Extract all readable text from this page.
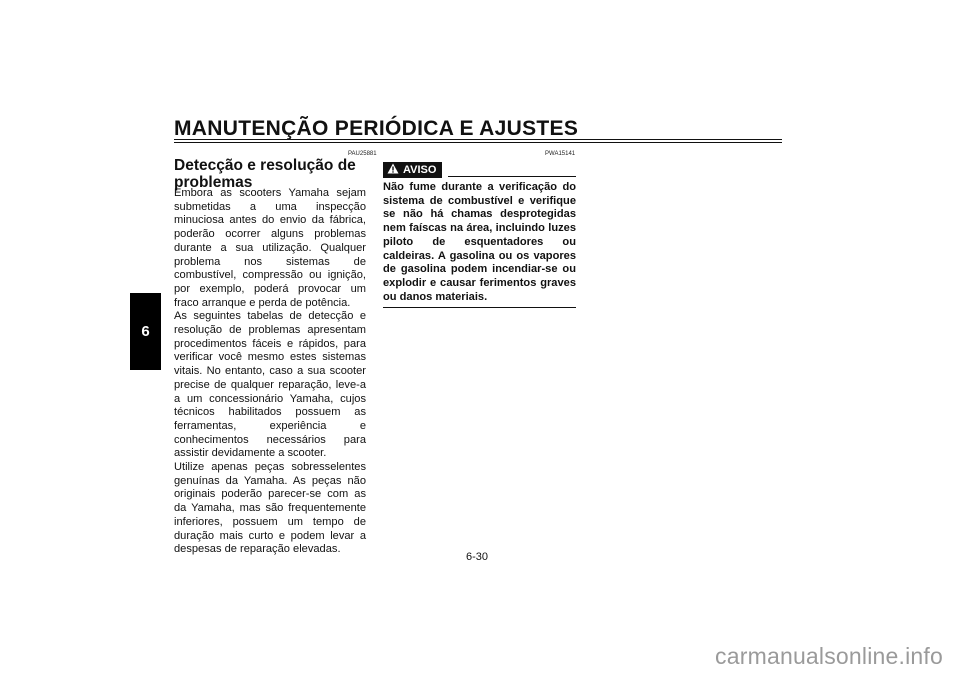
MANUTENÇÃO PERIÓDICA E AJUSTES
6
PAU25881
Detecção e resolução de problemas

Embora as scooters Yamaha sejam submetidas a uma inspecção minuciosa antes do envio da fábrica, poderão ocorrer alguns problemas durante a sua utilização. Qualquer problema nos sistemas de combustível, compressão ou ignição, por exemplo, poderá provocar um fraco arranque e perda de potência.

As seguintes tabelas de detecção e resolução de problemas apresentam procedimentos fáceis e rápidos, para verificar você mesmo estes sistemas vitais. No entanto, caso a sua scooter precise de qualquer reparação, leve-a a um concessionário Yamaha, cujos técnicos habilitados possuem as ferramentas, experiência e conhecimentos necessários para assistir devidamente a scooter.

Utilize apenas peças sobresselentes genuínas da Yamaha. As peças não originais poderão parecer-se com as da Yamaha, mas são frequentemente inferiores, possuem um tempo de duração mais curto e podem levar a despesas de reparação elevadas.

PWA15141
AVISO
Não fume durante a verificação do sistema de combustível e verifique se não há chamas desprotegidas nem faíscas na área, incluindo luzes piloto de esquentadores ou caldeiras. A gasolina ou os vapores de gasolina podem incendiar-se ou explodir e causar ferimentos graves ou danos materiais.
6-30
carmanualsonline.info
